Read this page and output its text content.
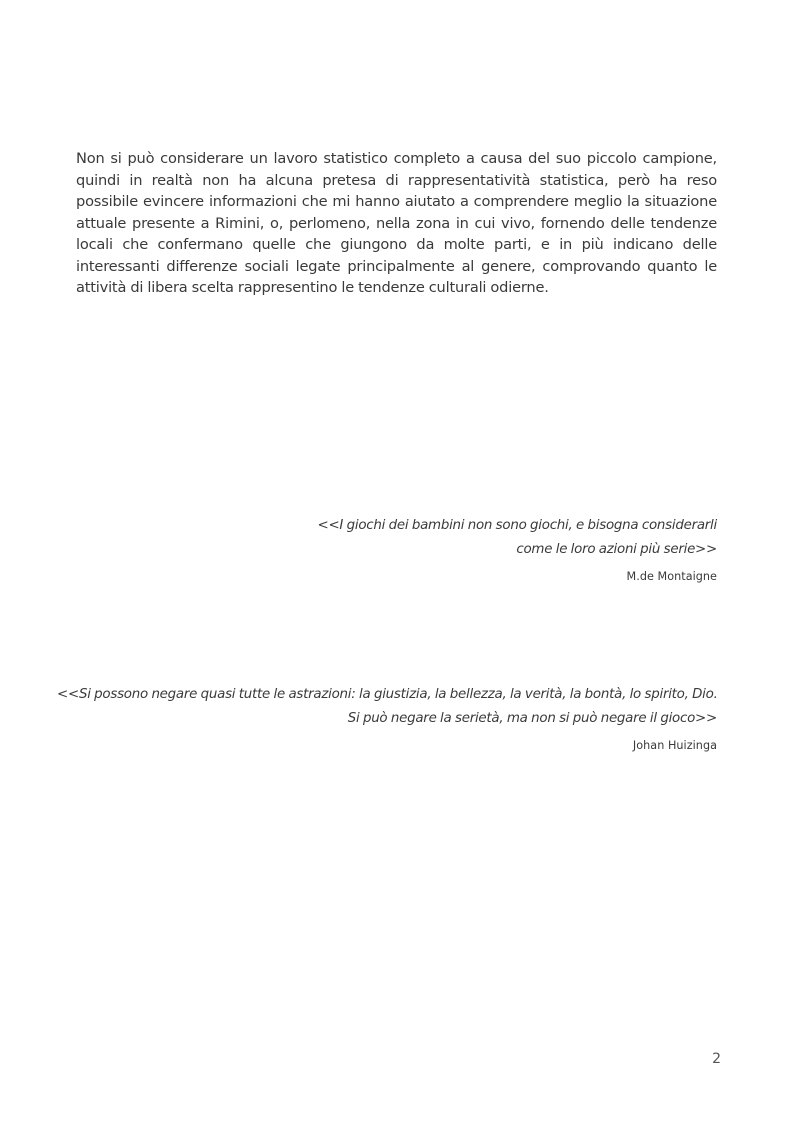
Non si può considerare un lavoro statistico completo a causa del suo piccolo campione, quindi in realtà non ha alcuna pretesa di rappresentatività statistica, però ha reso possibile evincere informazioni che mi hanno aiutato a comprendere meglio la situazione attuale presente a Rimini, o, perlomeno, nella zona in cui vivo, fornendo delle tendenze locali che confermano quelle che giungono da molte parti, e in più indicano delle interessanti differenze sociali legate principalmente al genere, comprovando quanto le attività di libera scelta rappresentino le tendenze culturali odierne.

<<I giochi dei bambini non sono giochi, e bisogna considerarli
come le loro azioni più serie>>
M.de Montaigne
<<Si possono negare quasi tutte le astrazioni: la giustizia, la bellezza, la verità, la bontà, lo spirito, Dio.
Si può negare la serietà, ma non si può negare il gioco>>
Johan Huizinga
2
